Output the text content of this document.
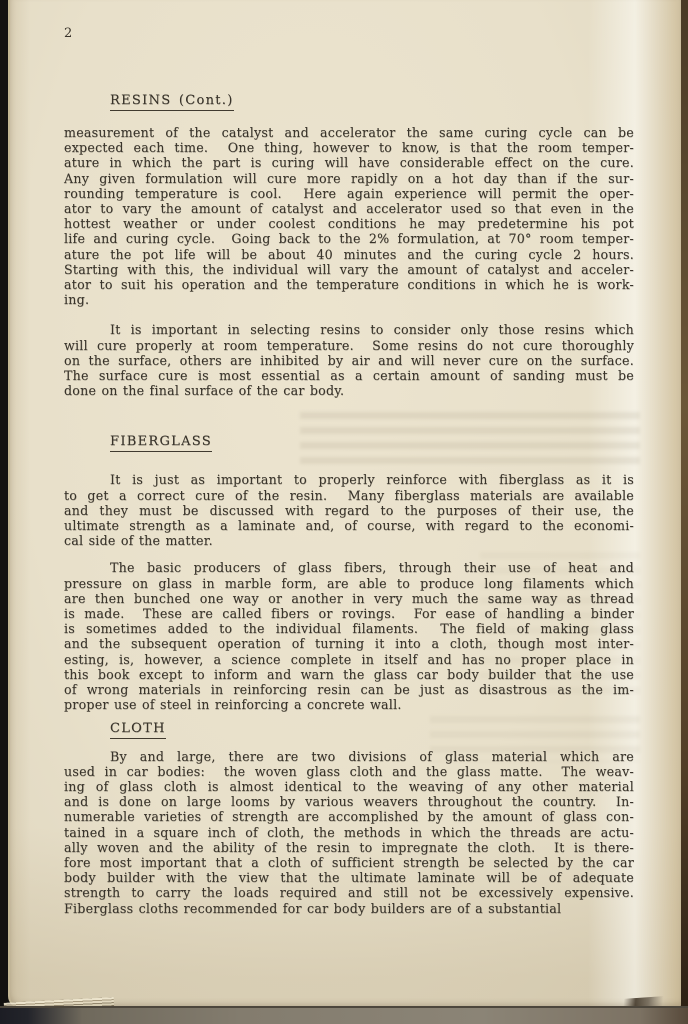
2
RESINS (Cont.)
measurement of the catalyst and accelerator the same curing cycle can be
expected each time.  One thing, however to know, is that the room temper-
ature in which the part is curing will have considerable effect on the cure.
Any given formulation will cure more rapidly on a hot day than if the sur-
rounding temperature is cool.  Here again experience will permit the oper-
ator to vary the amount of catalyst and accelerator used so that even in the
hottest weather or under coolest conditions he may predetermine his pot
life and curing cycle.  Going back to the 2% formulation, at 70° room temper-
ature the pot life will be about 40 minutes and the curing cycle 2 hours.
Starting with this, the individual will vary the amount of catalyst and acceler-
ator to suit his operation and the temperature conditions in which he is work-
ing.
It is important in selecting resins to consider only those resins which
will cure properly at room temperature.  Some resins do not cure thoroughly
on the surface, others are inhibited by air and will never cure on the surface.
The surface cure is most essential as a certain amount of sanding must be
done on the final surface of the car body.
FIBERGLASS
It is just as important to properly reinforce with fiberglass as it is
to get a correct cure of the resin.  Many fiberglass materials are available
and they must be discussed with regard to the purposes of their use, the
ultimate strength as a laminate and, of course, with regard to the economi-
cal side of the matter.
The basic producers of glass fibers, through their use of heat and
pressure on glass in marble form, are able to produce long filaments which
are then bunched one way or another in very much the same way as thread
is made.  These are called fibers or rovings.  For ease of handling a binder
is sometimes added to the individual filaments.  The field of making glass
and the subsequent operation of turning it into a cloth, though most inter-
esting, is, however, a science complete in itself and has no proper place in
this book except to inform and warn the glass car body builder that the use
of wrong materials in reinforcing resin can be just as disastrous as the im-
proper use of steel in reinforcing a concrete wall.
CLOTH
By and large, there are two divisions of glass material which are
used in car bodies:  the woven glass cloth and the glass matte.  The weav-
ing of glass cloth is almost identical to the weaving of any other material
and is done on large looms by various weavers throughout the country.  In-
numerable varieties of strength are accomplished by the amount of glass con-
tained in a square inch of cloth, the methods in which the threads are actu-
ally woven and the ability of the resin to impregnate the cloth.  It is there-
fore most important that a cloth of sufficient strength be selected by the car
body builder with the view that the ultimate laminate will be of adequate
strength to carry the loads required and still not be excessively expensive.
Fiberglass cloths recommended for car body builders are of a substantial
